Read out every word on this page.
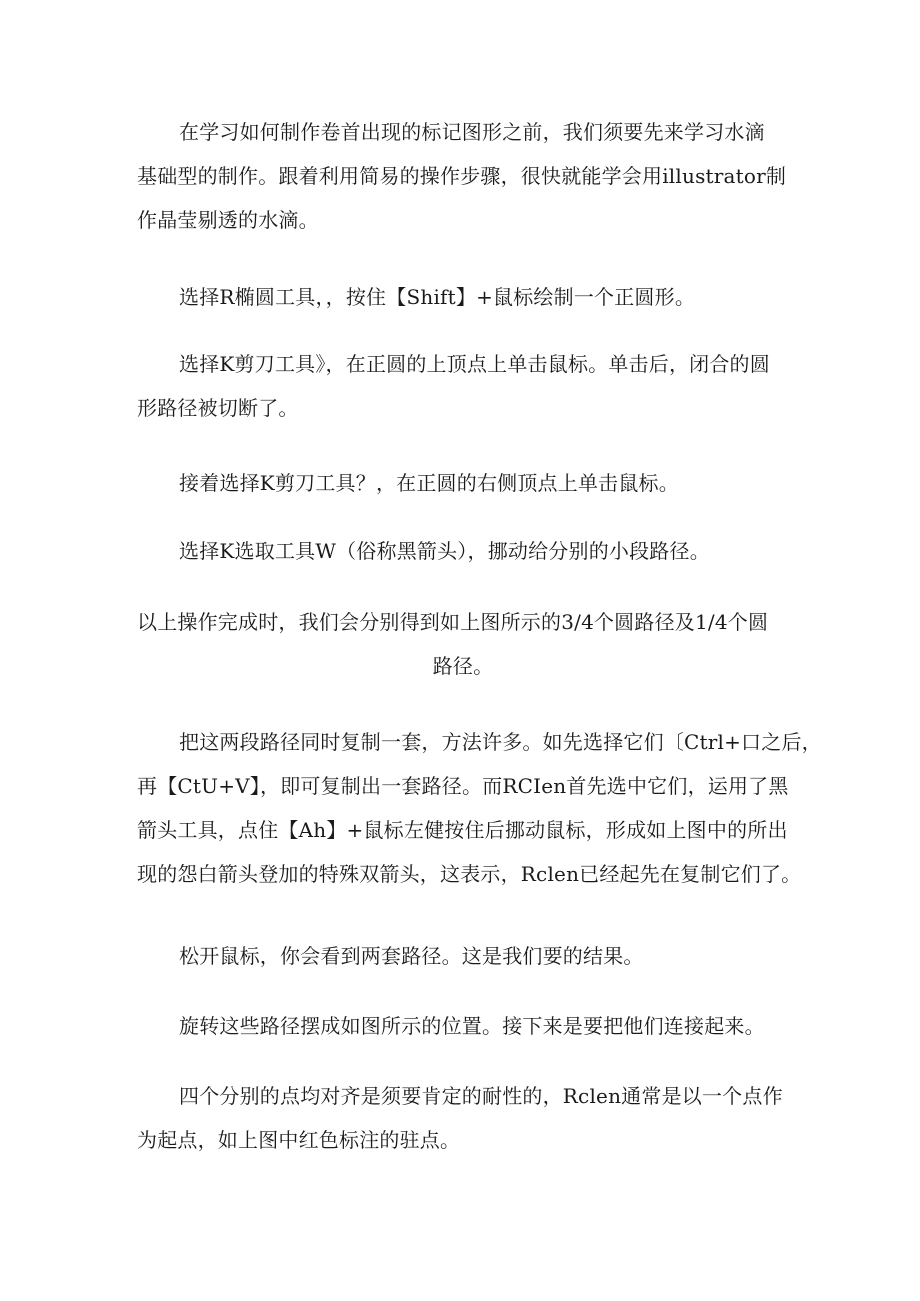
在学习如何制作卷首出现的标记图形之前，我们须要先来学习水滴
基础型的制作。跟着利用简易的操作步骤，很快就能学会用illustrator制
作晶莹剔透的水滴。

选择R椭圆工具，，按住【Shift】+鼠标绘制一个正圆形。

选择K剪刀工具》，在正圆的上顶点上单击鼠标。单击后，闭合的圆
形路径被切断了。

接着选择K剪刀工具？，在正圆的右侧顶点上单击鼠标。

选择K选取工具W（俗称黑箭头），挪动给分别的小段路径。

以上操作完成时，我们会分别得到如上图所示的3/4个圆路径及1/4个圆
路径。

把这两段路径同时复制一套，方法许多。如先选择它们〔Ctrl+口之后，
再【CtU+V】，即可复制出一套路径。而RCIen首先选中它们，运用了黑
箭头工具，点住【Ah】+鼠标左健按住后挪动鼠标，形成如上图中的所出
现的怨白箭头登加的特殊双箭头，这表示，Rclen已经起先在复制它们了。

松开鼠标，你会看到两套路径。这是我们要的结果。

旋转这些路径摆成如图所示的位置。接下来是要把他们连接起来。

四个分别的点均对齐是须要肯定的耐性的，Rclen通常是以一个点作
为起点，如上图中红色标注的驻点。
